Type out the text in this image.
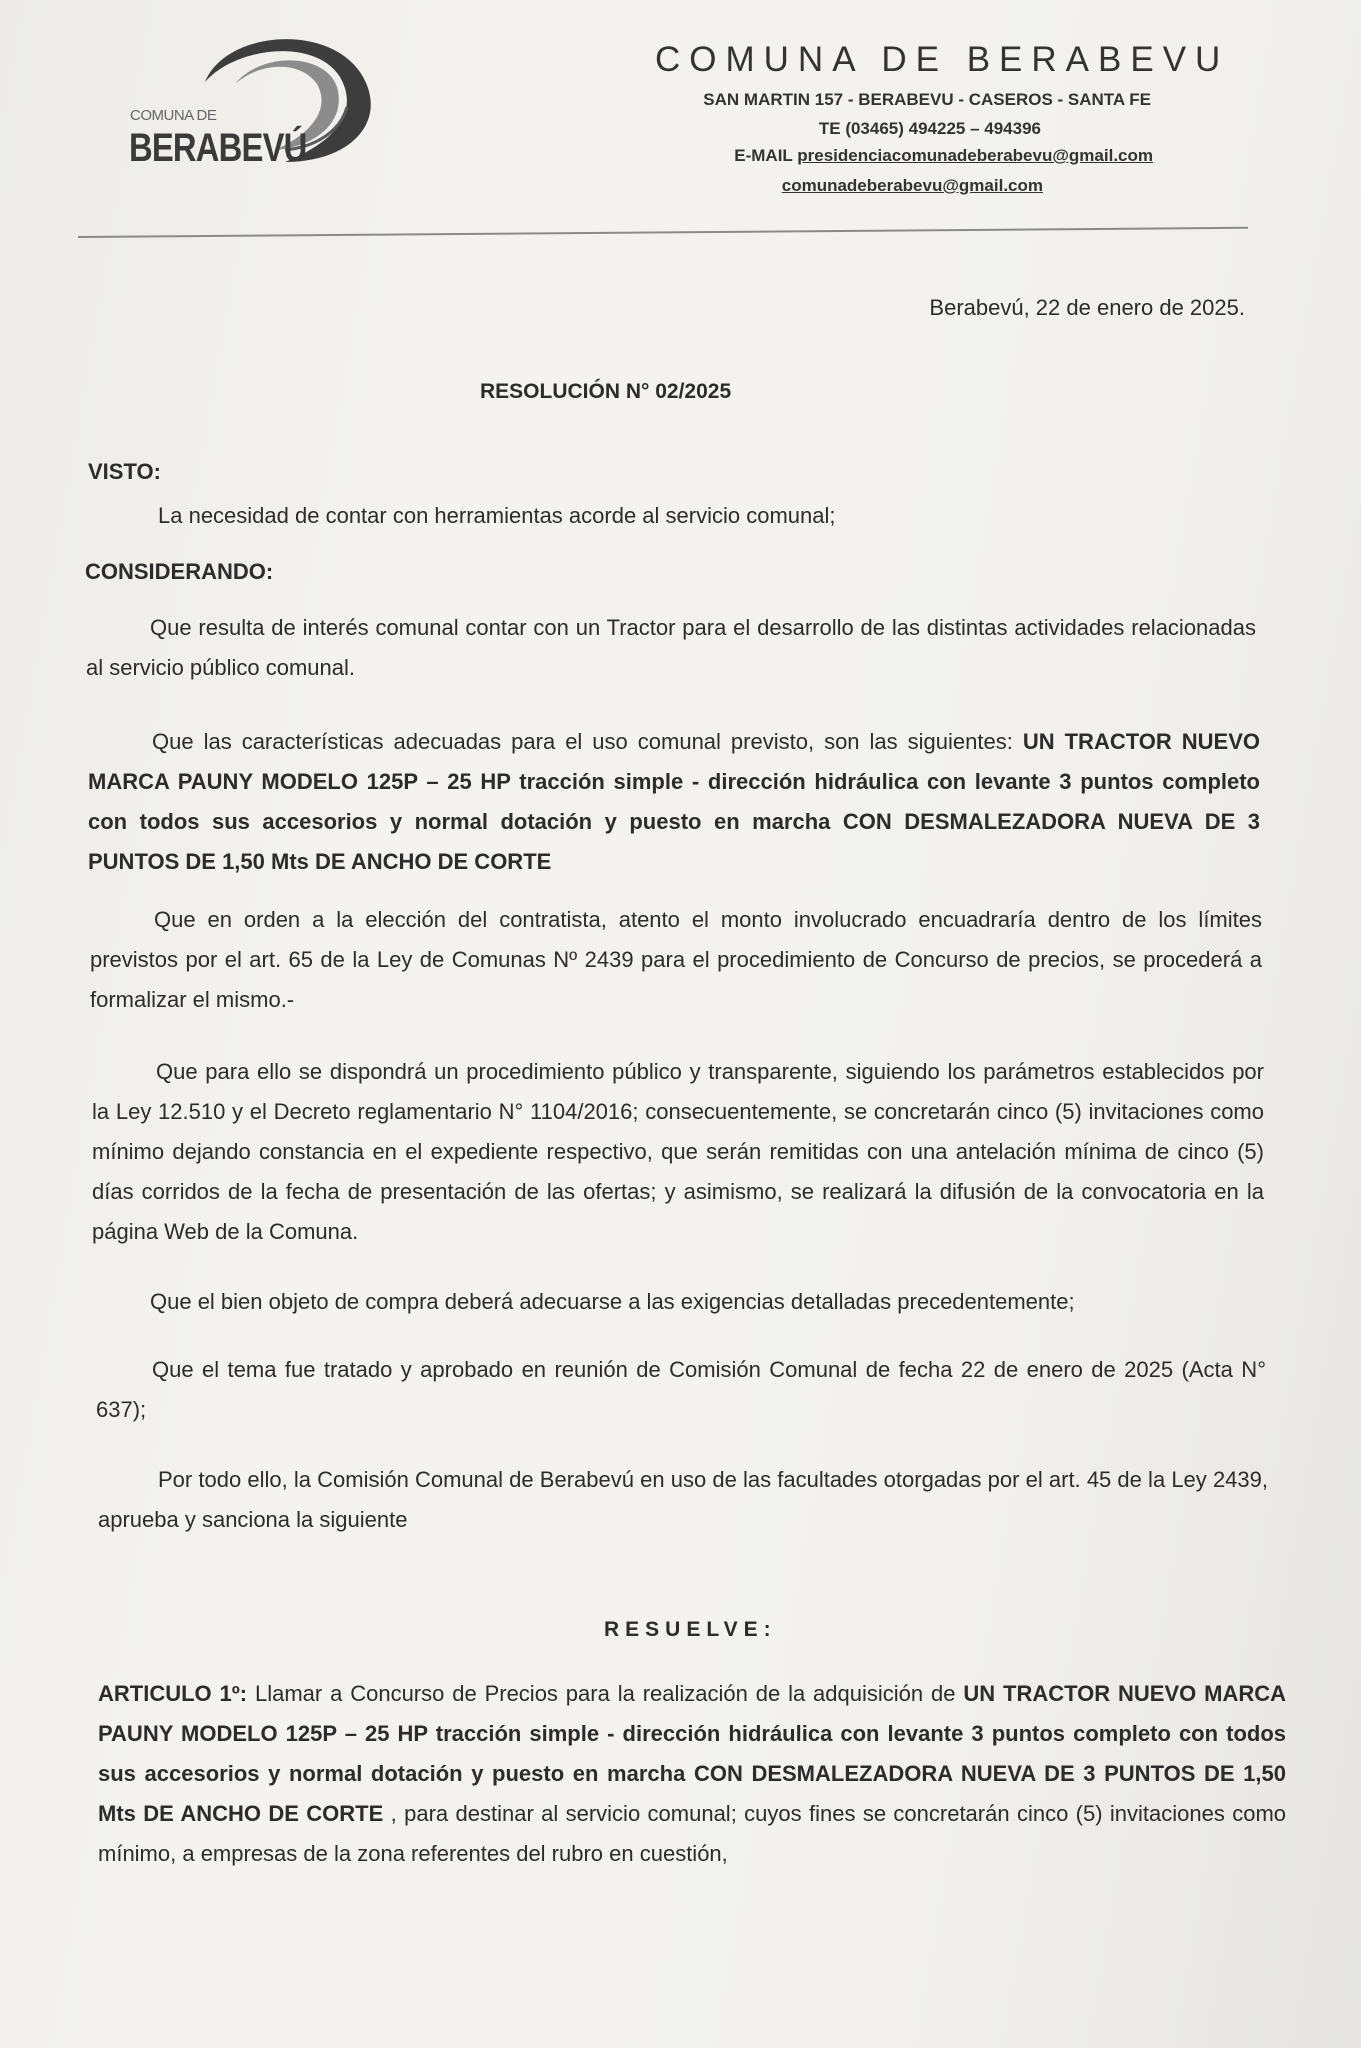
COMUNA DE
BERABEVÚ
COMUNA DE BERABEVU
SAN MARTIN 157 - BERABEVU - CASEROS - SANTA FE
TE (03465) 494225 – 494396
E-MAIL presidenciacomunadeberabevu@gmail.com
comunadeberabevu@gmail.com
Berabevú, 22 de enero de 2025.
RESOLUCIÓN N° 02/2025
VISTO:
La necesidad de contar con herramientas acorde al servicio comunal;
CONSIDERANDO:
Que resulta de interés comunal contar con un Tractor para el desarrollo de las distintas actividades relacionadas al servicio público comunal.
Que las características adecuadas para el uso comunal previsto, son las siguientes: UN TRACTOR NUEVO MARCA PAUNY MODELO 125P – 25 HP tracción simple - dirección hidráulica con levante 3 puntos completo con todos sus accesorios y normal dotación y puesto en marcha CON DESMALEZADORA NUEVA DE 3 PUNTOS DE 1,50 Mts DE ANCHO DE CORTE
Que en orden a la elección del contratista, atento el monto involucrado encuadraría dentro de los límites previstos por el art. 65 de la Ley de Comunas Nº 2439 para el procedimiento de Concurso de precios, se procederá a formalizar el mismo.-
Que para ello se dispondrá un procedimiento público y transparente, siguiendo los parámetros establecidos por la Ley 12.510 y el Decreto reglamentario N° 1104/2016; consecuentemente, se concretarán cinco (5) invitaciones como mínimo dejando constancia en el expediente respectivo, que serán remitidas con una antelación mínima de cinco (5) días corridos de la fecha de presentación de las ofertas; y asimismo, se realizará la difusión de la convocatoria en la página Web de la Comuna.
Que el bien objeto de compra deberá adecuarse a las exigencias detalladas precedentemente;
Que el tema fue tratado y aprobado en reunión de Comisión Comunal de fecha 22 de enero de 2025 (Acta N° 637);
Por todo ello, la Comisión Comunal de Berabevú en uso de las facultades otorgadas por el art. 45 de la Ley 2439, aprueba y sanciona la siguiente
RESUELVE:
ARTICULO 1º: Llamar a Concurso de Precios para la realización de la adquisición de UN TRACTOR NUEVO MARCA PAUNY MODELO 125P – 25 HP tracción simple - dirección hidráulica con levante 3 puntos completo con todos sus accesorios y normal dotación y puesto en marcha CON DESMALEZADORA NUEVA DE 3 PUNTOS DE 1,50 Mts DE ANCHO DE CORTE , para destinar al servicio comunal; cuyos fines se concretarán cinco (5) invitaciones como mínimo, a empresas de la zona referentes del rubro en cuestión,
